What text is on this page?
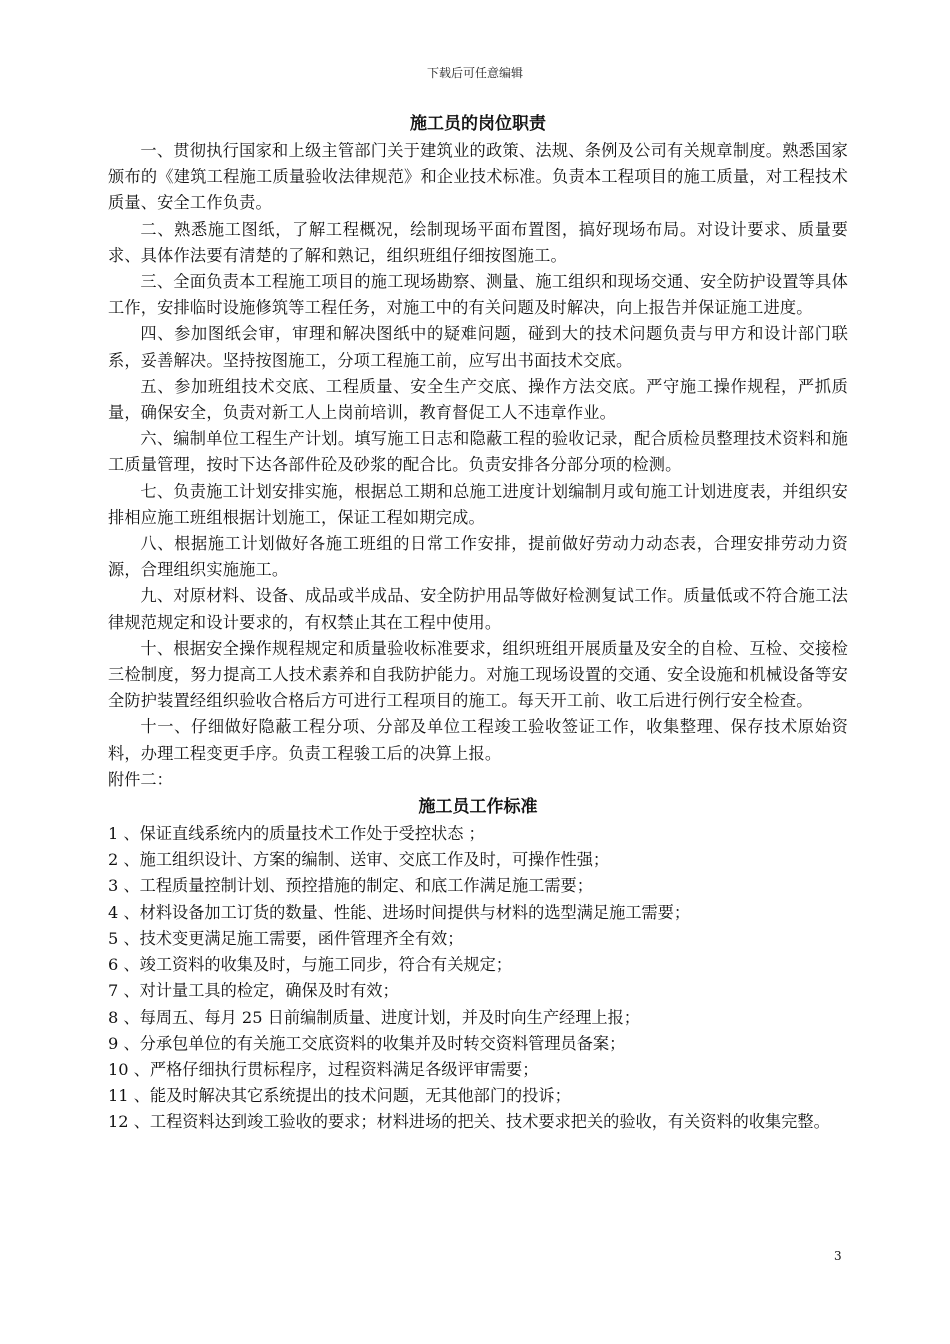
下载后可任意编辑

施工员的岗位职责

一、贯彻执行国家和上级主管部门关于建筑业的政策、法规、条例及公司有关规章制度。熟悉国家颁布的《建筑工程施工质量验收法律规范》和企业技术标准。负责本工程项目的施工质量，对工程技术质量、安全工作负责。

二、熟悉施工图纸，了解工程概况，绘制现场平面布置图，搞好现场布局。对设计要求、质量要求、具体作法要有清楚的了解和熟记，组织班组仔细按图施工。

三、全面负责本工程施工项目的施工现场勘察、测量、施工组织和现场交通、安全防护设置等具体工作，安排临时设施修筑等工程任务，对施工中的有关问题及时解决，向上报告并保证施工进度。

四、参加图纸会审，审理和解决图纸中的疑难问题，碰到大的技术问题负责与甲方和设计部门联系，妥善解决。坚持按图施工，分项工程施工前，应写出书面技术交底。

五、参加班组技术交底、工程质量、安全生产交底、操作方法交底。严守施工操作规程，严抓质量，确保安全，负责对新工人上岗前培训，教育督促工人不违章作业。

六、编制单位工程生产计划。填写施工日志和隐蔽工程的验收记录，配合质检员整理技术资料和施工质量管理，按时下达各部件砼及砂浆的配合比。负责安排各分部分项的检测。

七、负责施工计划安排实施，根据总工期和总施工进度计划编制月或旬施工计划进度表，并组织安排相应施工班组根据计划施工，保证工程如期完成。

八、根据施工计划做好各施工班组的日常工作安排，提前做好劳动力动态表，合理安排劳动力资源，合理组织实施施工。

九、对原材料、设备、成品或半成品、安全防护用品等做好检测复试工作。质量低或不符合施工法律规范规定和设计要求的，有权禁止其在工程中使用。

十、根据安全操作规程规定和质量验收标准要求，组织班组开展质量及安全的自检、互检、交接检三检制度，努力提高工人技术素养和自我防护能力。对施工现场设置的交通、安全设施和机械设备等安全防护装置经组织验收合格后方可进行工程项目的施工。每天开工前、收工后进行例行安全检查。

十一、仔细做好隐蔽工程分项、分部及单位工程竣工验收签证工作，收集整理、保存技术原始资料，办理工程变更手序。负责工程骏工后的决算上报。

附件二：

施工员工作标准

1 、保证直线系统内的质量技术工作处于受控状态 ；
2 、施工组织设计、方案的编制、送审、交底工作及时，可操作性强；
3 、工程质量控制计划、预控措施的制定、和底工作满足施工需要；
4 、材料设备加工订货的数量、性能、进场时间提供与材料的选型满足施工需要；
5 、技术变更满足施工需要，函件管理齐全有效；
6 、竣工资料的收集及时，与施工同步，符合有关规定；
7 、对计量工具的检定，确保及时有效；
8 、每周五、每月 25 日前编制质量、进度计划，并及时向生产经理上报；
9 、分承包单位的有关施工交底资料的收集并及时转交资料管理员备案；
10 、严格仔细执行贯标程序，过程资料满足各级评审需要；
11 、能及时解决其它系统提出的技术问题，无其他部门的投诉；
12 、工程资料达到竣工验收的要求；材料进场的把关、技术要求把关的验收，有关资料的收集完整。
3
